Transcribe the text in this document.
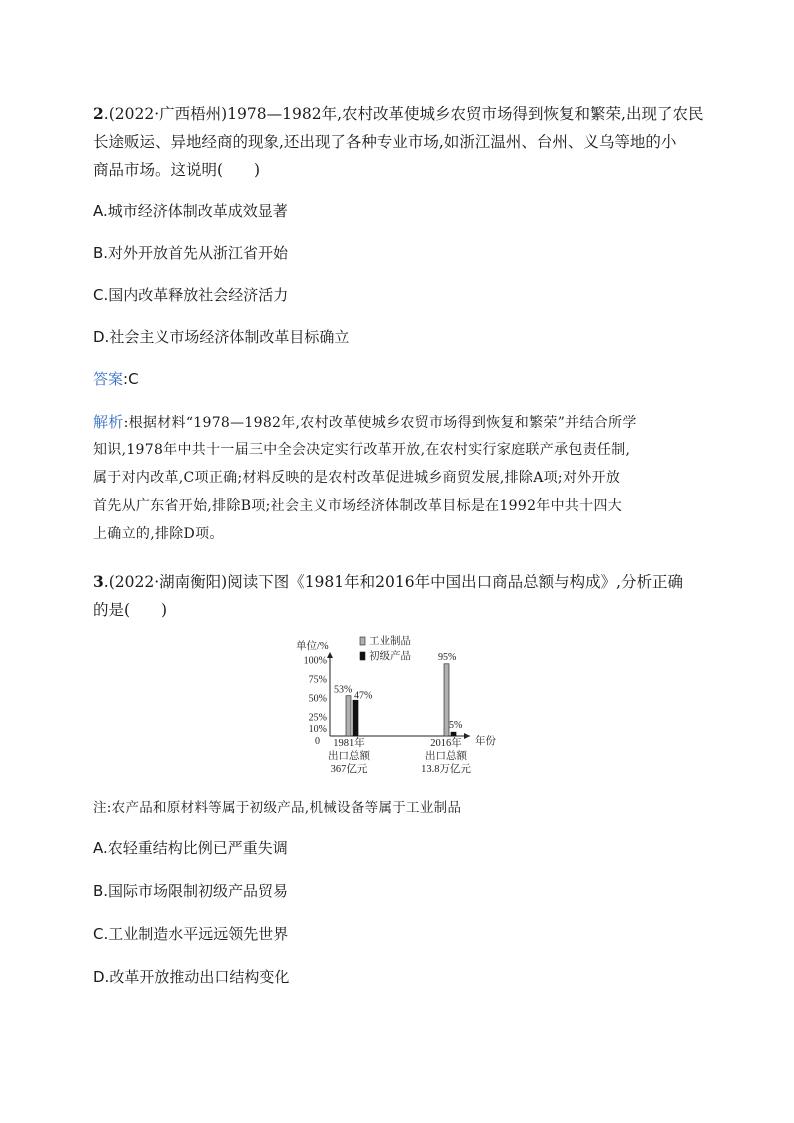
2.(2022·广西梧州)1978—1982年,农村改革使城乡农贸市场得到恢复和繁荣,出现了农民
长途贩运、异地经商的现象,还出现了各种专业市场,如浙江温州、台州、义乌等地的小
商品市场。这说明(　　)
A.城市经济体制改革成效显著
B.对外开放首先从浙江省开始
C.国内改革释放社会经济活力
D.社会主义市场经济体制改革目标确立
答案:C
解析:根据材料“1978—1982年,农村改革使城乡农贸市场得到恢复和繁荣”并结合所学
知识,1978年中共十一届三中全会决定实行改革开放,在农村实行家庭联产承包责任制,
属于对内改革,C项正确;材料反映的是农村改革促进城乡商贸发展,排除A项;对外开放
首先从广东省开始,排除B项;社会主义市场经济体制改革目标是在1992年中共十四大
上确立的,排除D项。
3.(2022·湖南衡阳)阅读下图《1981年和2016年中国出口商品总额与构成》,分析正确
的是(　　)
单位/%
年份
100%
75%
50%
25%
10%
0
工业制品
初级产品
53%
47%
1981年
出口总额
367亿元
95%
5%
2016年
出口总额
13.8万亿元
注:农产品和原材料等属于初级产品,机械设备等属于工业制品
A.农轻重结构比例已严重失调
B.国际市场限制初级产品贸易
C.工业制造水平远远领先世界
D.改革开放推动出口结构变化
